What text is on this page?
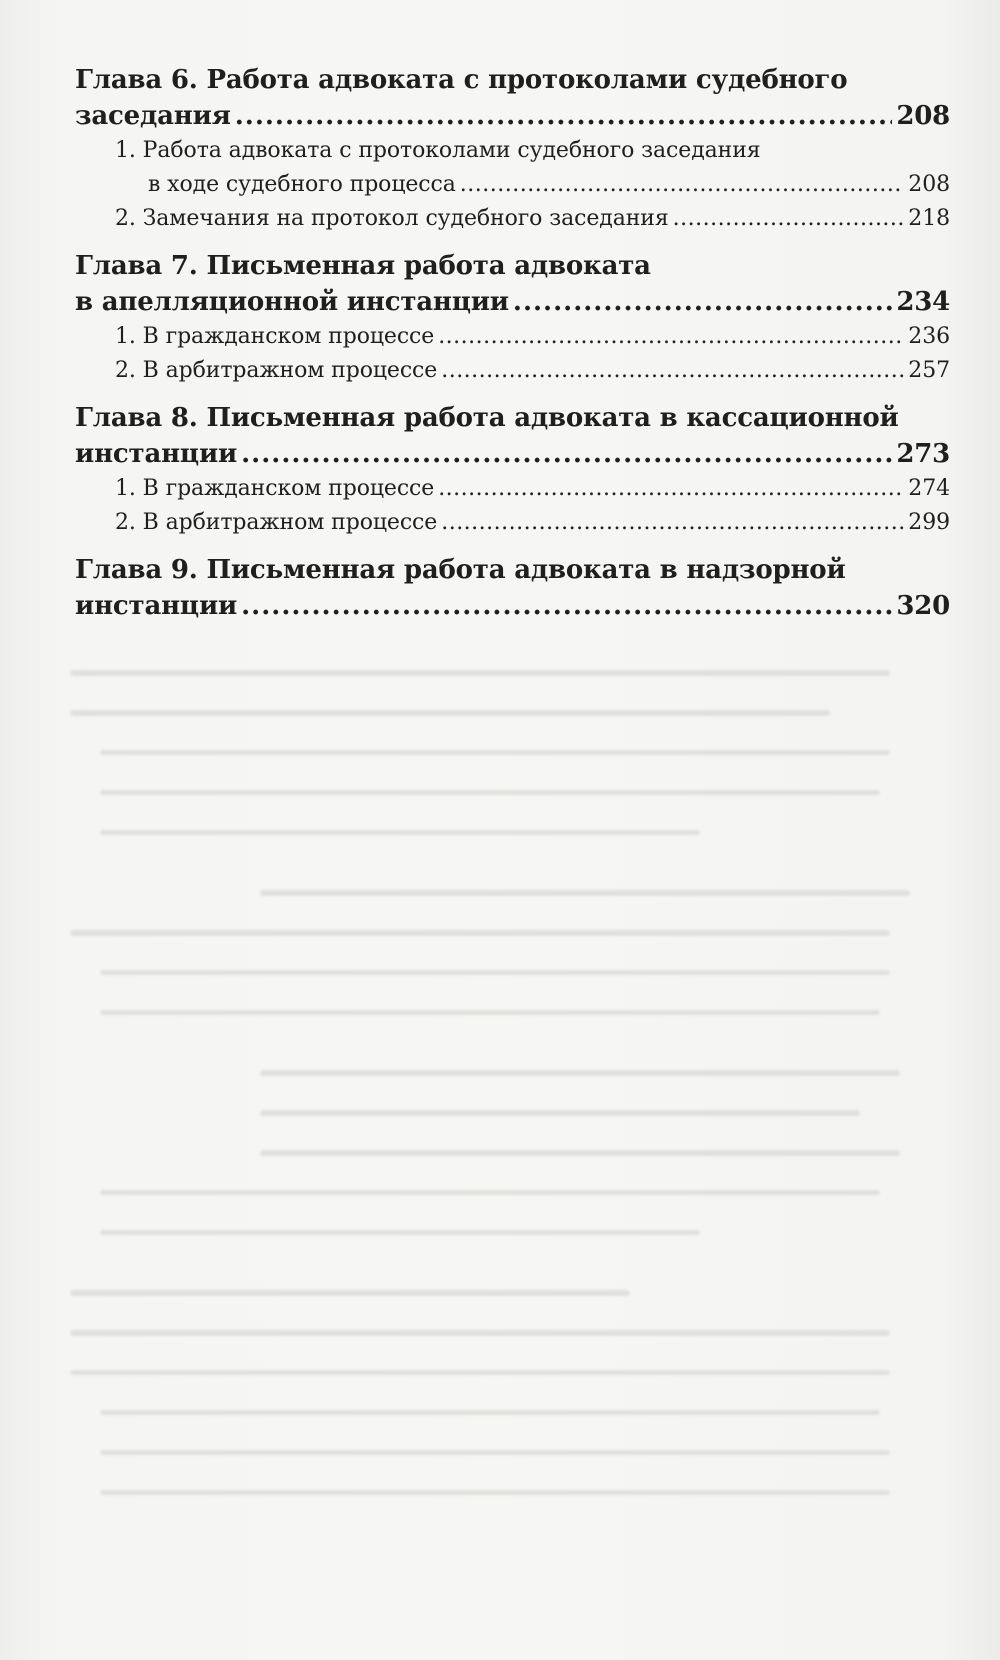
Глава 6. Работа адвоката с протоколами судебного
заседания .....	208
1. Работа адвоката с протоколами судебного заседания
в ходе судебного процесса .....	208
2. Замечания на протокол судебного заседания .....	218
Глава 7. Письменная работа адвоката
в апелляционной инстанции .....	234
1. В гражданском процессе .....	236
2. В арбитражном процессе .....	257
Глава 8. Письменная работа адвоката в кассационной
инстанции .....	273
1. В гражданском процессе .....	274
2. В арбитражном процессе .....	299
Глава 9. Письменная работа адвоката в надзорной
инстанции .....	320
